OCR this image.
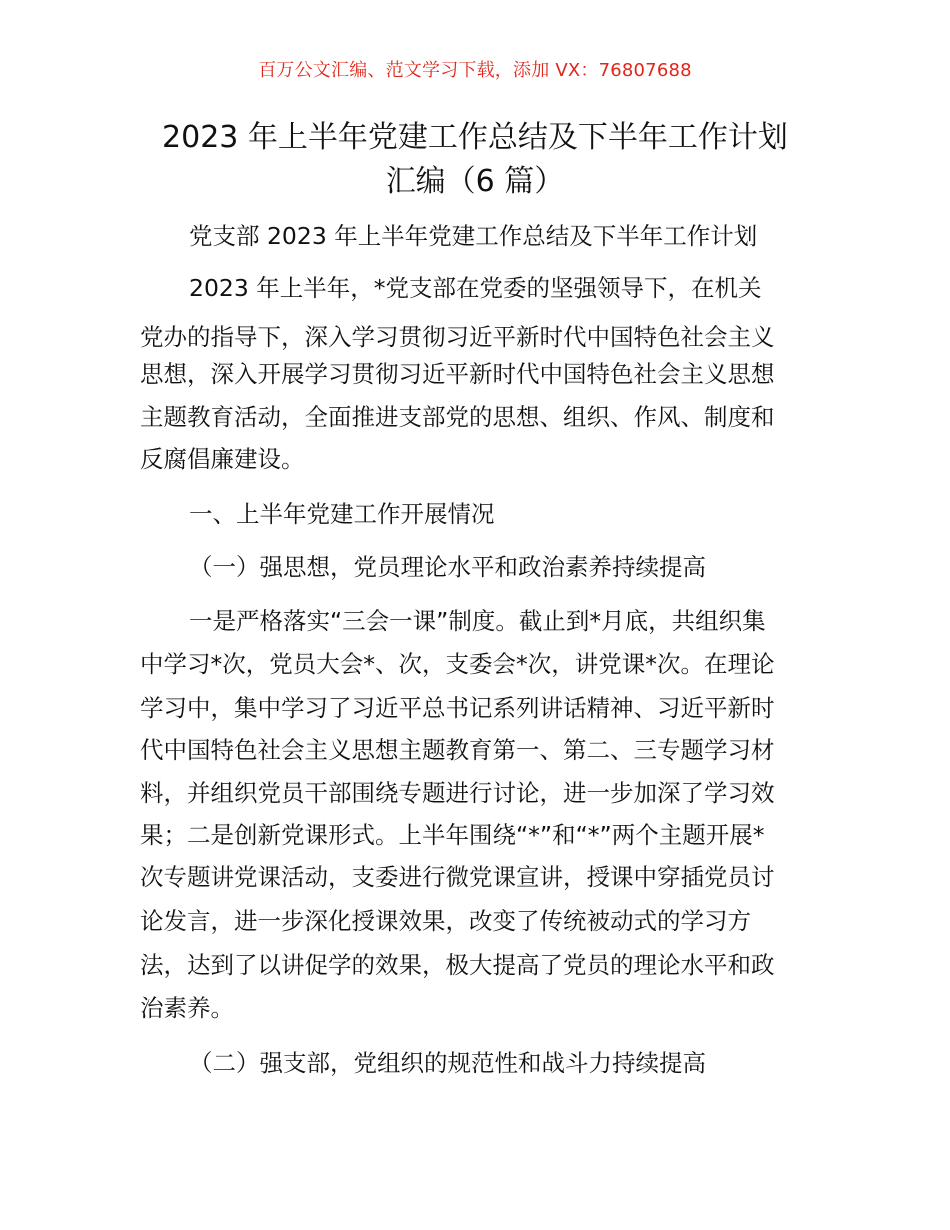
百万公文汇编、范文学习下载，添加 VX：76807688
2023 年上半年党建工作总结及下半年工作计划
汇编（6 篇）
党支部 2023 年上半年党建工作总结及下半年工作计划
2023 年上半年，*党支部在党委的坚强领导下，在机关
党办的指导下，深入学习贯彻习近平新时代中国特色社会主义
思想，深入开展学习贯彻习近平新时代中国特色社会主义思想
主题教育活动，全面推进支部党的思想、组织、作风、制度和
反腐倡廉建设。
一、上半年党建工作开展情况
（一）强思想，党员理论水平和政治素养持续提高
一是严格落实“三会一课”制度。截止到*月底，共组织集
中学习*次，党员大会*、次，支委会*次，讲党课*次。在理论
学习中，集中学习了习近平总书记系列讲话精神、习近平新时
代中国特色社会主义思想主题教育第一、第二、三专题学习材
料，并组织党员干部围绕专题进行讨论，进一步加深了学习效
果；二是创新党课形式。上半年围绕“*”和“*”两个主题开展*
次专题讲党课活动，支委进行微党课宣讲，授课中穿插党员讨
论发言，进一步深化授课效果，改变了传统被动式的学习方
法，达到了以讲促学的效果，极大提高了党员的理论水平和政
治素养。
（二）强支部，党组织的规范性和战斗力持续提高
